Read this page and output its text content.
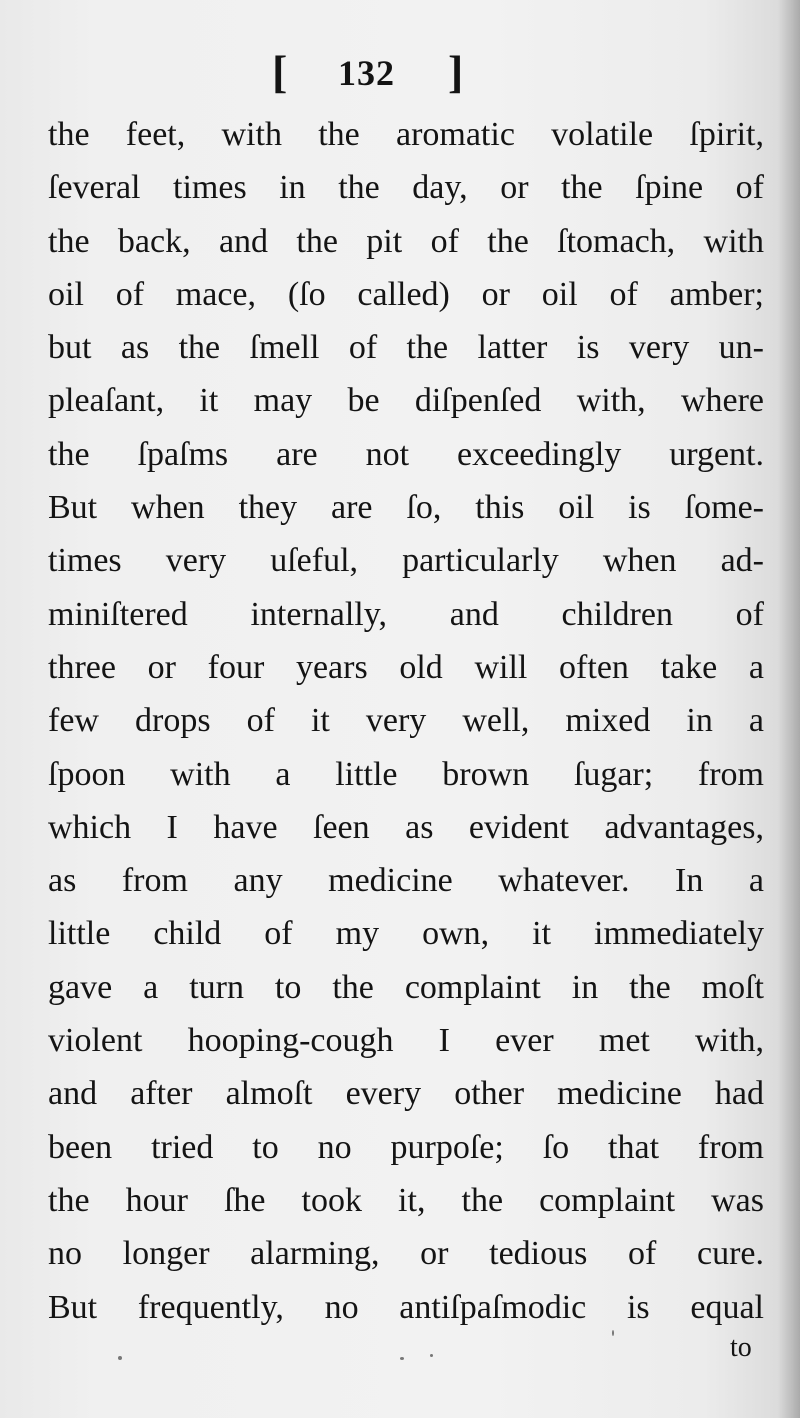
[ 132 ]
the feet, with the aromatic volatile ſpirit,
ſeveral times in the day, or the ſpine of
the back, and the pit of the ſtomach, with
oil of mace, (ſo called) or oil of amber;
but as the ſmell of the latter is very un-
pleaſant, it may be diſpenſed with, where
the ſpaſms are not exceedingly urgent.
But when they are ſo, this oil is ſome-
times very uſeful, particularly when ad-
miniſtered internally, and children of
three or four years old will often take a
few drops of it very well, mixed in a
ſpoon with a little brown ſugar; from
which I have ſeen as evident advantages,
as from any medicine whatever. In a
little child of my own, it immediately
gave a turn to the complaint in the moſt
violent hooping-cough I ever met with,
and after almoſt every other medicine had
been tried to no purpoſe; ſo that from
the hour ſhe took it, the complaint was
no longer alarming, or tedious of cure.
But frequently, no antiſpaſmodic is equal
to
